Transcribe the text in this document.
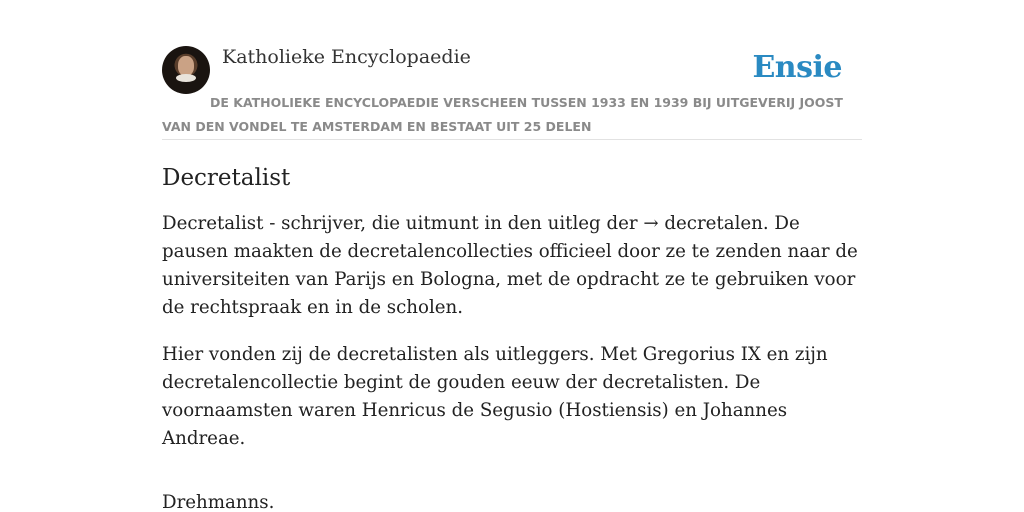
Katholieke Encyclopaedie	Ensie
DE KATHOLIEKE ENCYCLOPAEDIE VERSCHEEN TUSSEN 1933 EN 1939 BIJ UITGEVERIJ JOOST VAN DEN VONDEL TE AMSTERDAM EN BESTAAT UIT 25 DELEN
Decretalist

Decretalist - schrijver, die uitmunt in den uitleg der → decretalen. De pausen maakten de decretalencollecties officieel door ze te zenden naar de universiteiten van Parijs en Bologna, met de opdracht ze te gebruiken voor de rechtspraak en in de scholen.

Hier vonden zij de decretalisten als uitleggers. Met Gregorius IX en zijn decretalencollectie begint de gouden eeuw der decretalisten. De voornaamsten waren Henricus de Segusio (Hostiensis) en Johannes Andreae.

Drehmanns.
